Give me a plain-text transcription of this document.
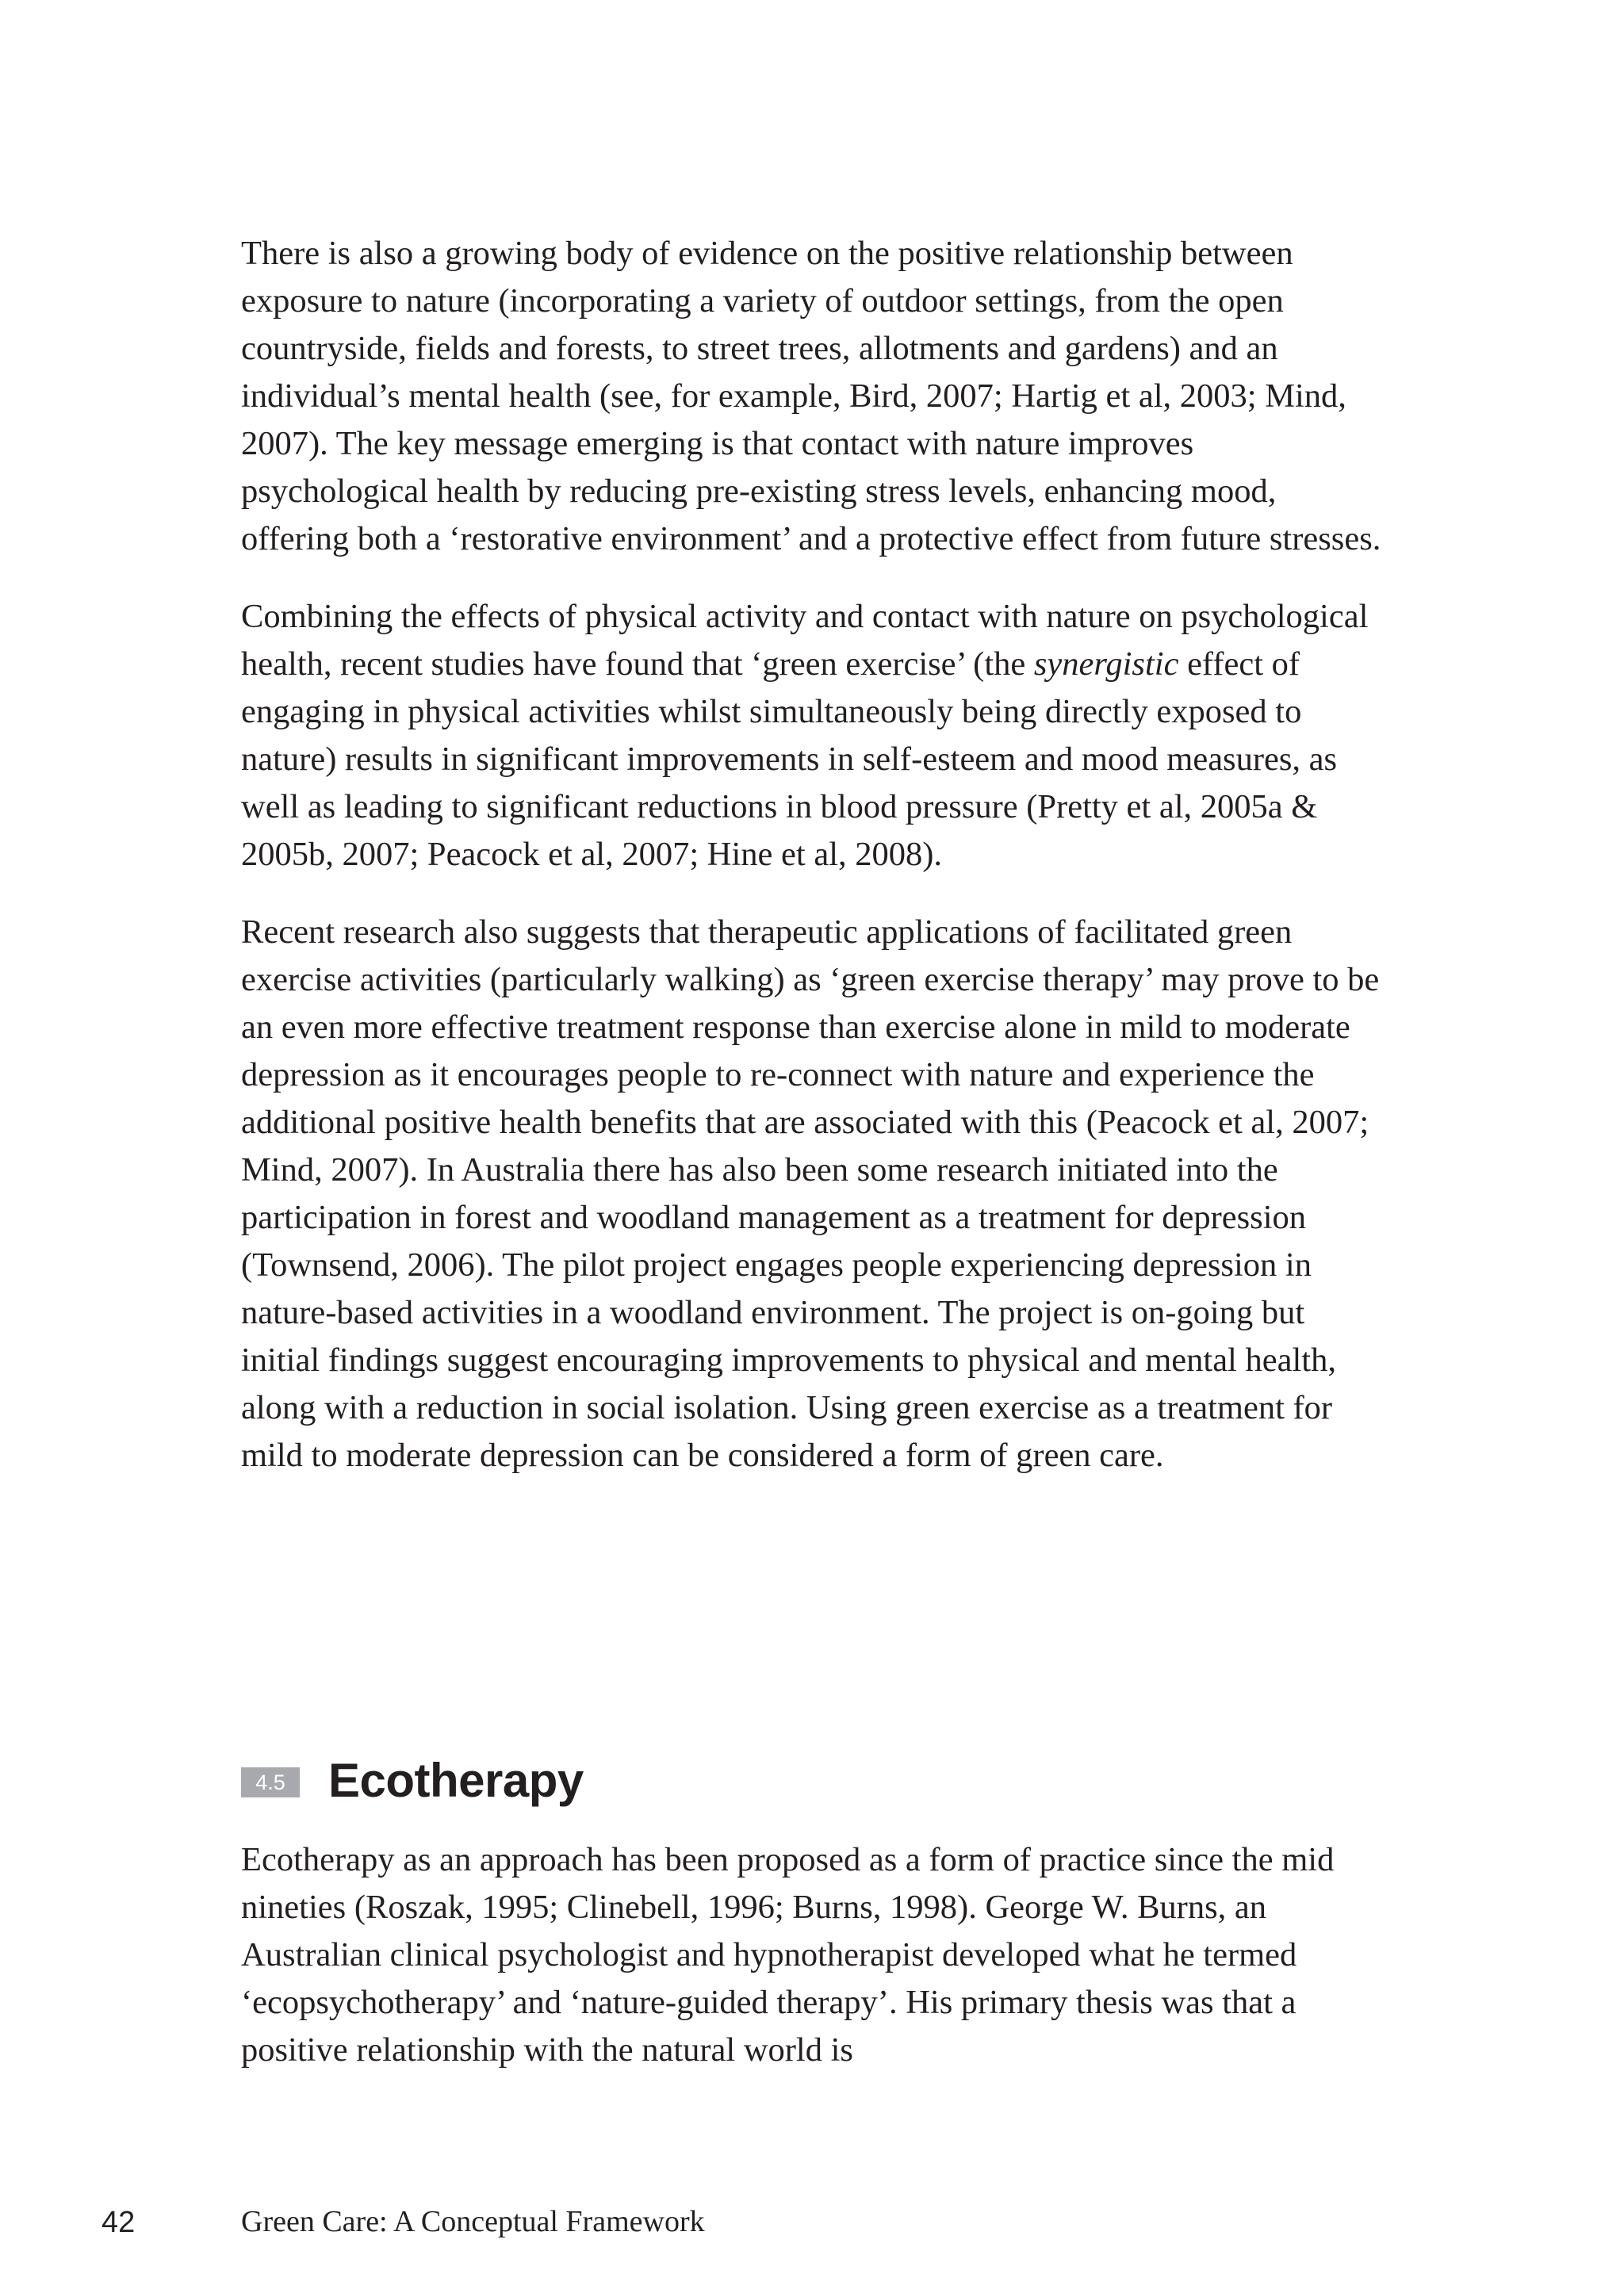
There is also a growing body of evidence on the positive relationship between exposure to nature (incorporating a variety of outdoor settings, from the open countryside, fields and forests, to street trees, allotments and gardens) and an individual’s mental health (see, for example, Bird, 2007; Hartig et al, 2003; Mind, 2007). The key message emerging is that contact with nature improves psychological health by reducing pre-existing stress levels, enhancing mood, offering both a ‘restorative environment’ and a protective effect from future stresses.

Combining the effects of physical activity and contact with nature on psychological health, recent studies have found that ‘green exercise’ (the synergistic effect of engaging in physical activities whilst simultaneously being directly exposed to nature) results in significant improvements in self-esteem and mood measures, as well as leading to significant reductions in blood pressure (Pretty et al, 2005a & 2005b, 2007; Peacock et al, 2007; Hine et al, 2008).

Recent research also suggests that therapeutic applications of facilitated green exercise activities (particularly walking) as ‘green exercise therapy’ may prove to be an even more effective treatment response than exercise alone in mild to moderate depression as it encourages people to re-connect with nature and experience the additional positive health benefits that are associated with this (Peacock et al, 2007; Mind, 2007). In Australia there has also been some research initiated into the participation in forest and woodland management as a treatment for depression (Townsend, 2006). The pilot project engages people experiencing depression in nature-based activities in a woodland environment. The project is on-going but initial findings suggest encouraging improvements to physical and mental health, along with a reduction in social isolation. Using green exercise as a treatment for mild to moderate depression can be considered a form of green care.

4.5 Ecotherapy

Ecotherapy as an approach has been proposed as a form of practice since the mid nineties (Roszak, 1995; Clinebell, 1996; Burns, 1998). George W. Burns, an Australian clinical psychologist and hypnotherapist developed what he termed ‘ecopsychotherapy’ and ‘nature-guided therapy’. His primary thesis was that a positive relationship with the natural world is

42	Green Care: A Conceptual Framework
